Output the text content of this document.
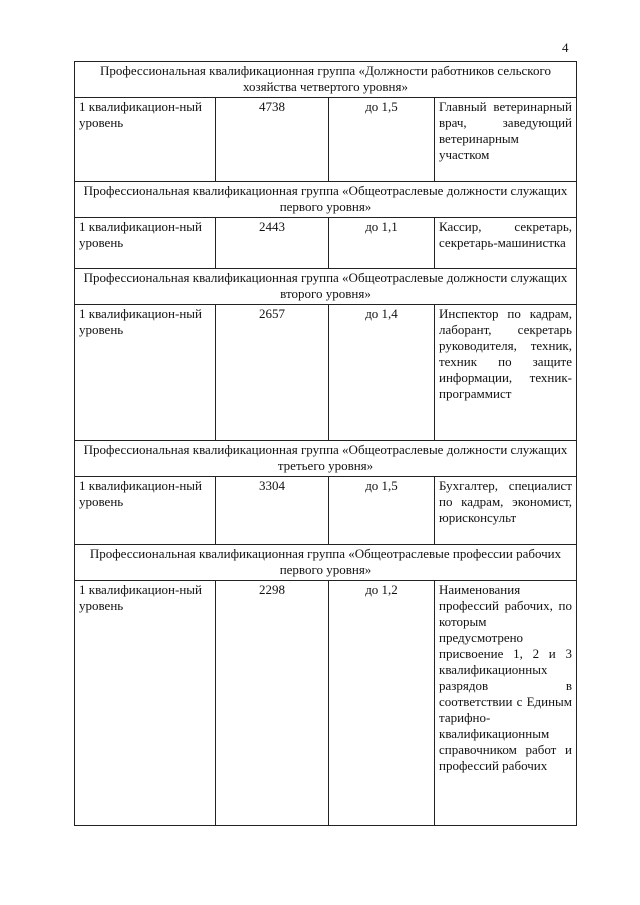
4
Профессиональная квалификационная группа «Должности работников сельского хозяйства четвертого уровня»			
1 квалификацион-ный уровень	4738	до 1,5	Главный ветеринарный врач, заведующий ветеринарным участком
Профессиональная квалификационная группа «Общеотраслевые должности служащих первого уровня»			
1 квалификацион-ный уровень	2443	до 1,1	Кассир, секретарь, секретарь-машинистка
Профессиональная квалификационная группа «Общеотраслевые должности служащих второго уровня»			
1 квалификацион-ный уровень	2657	до 1,4	Инспектор по кадрам, лаборант, секретарь руководителя, техник, техник по защите информации, техник-программист
Профессиональная квалификационная группа «Общеотраслевые должности служащих третьего уровня»			
1 квалификацион-ный уровень	3304	до 1,5	Бухгалтер, специалист по кадрам, экономист, юрисконсульт
Профессиональная квалификационная группа «Общеотраслевые профессии рабочих первого уровня»			
1 квалификацион-ный уровень	2298	до 1,2	Наименования профессий рабочих, по которым предусмотрено присвоение 1, 2 и 3 квалификационных разрядов в соответствии с Единым тарифно-квалификационным справочником работ и профессий рабочих
